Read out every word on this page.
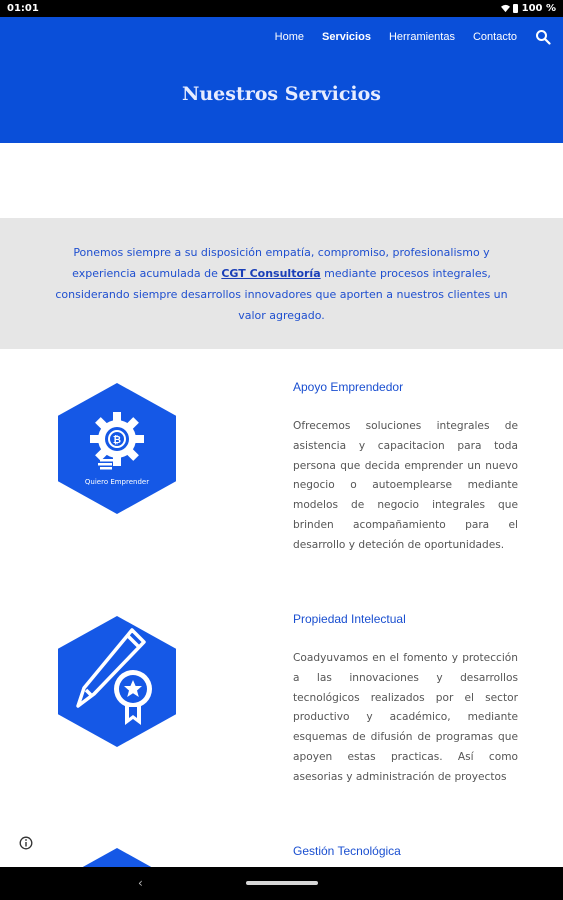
01:01	100 %
Home Servicios Herramientas Contacto
Nuestros Servicios

Ponemos siempre a su disposición empatía, compromiso, profesionalismo y experiencia acumulada de CGT Consultoría mediante procesos integrales, considerando siempre desarrollos innovadores que aporten a nuestros clientes un valor agregado.

₿
Quiero Emprender
Apoyo Emprendedor

Ofrecemos soluciones integrales de asistencia y capacitacion para toda persona que decida emprender un nuevo negocio o autoemplearse mediante modelos de negocio integrales que brinden acompañamiento para el desarrollo y deteción de oportunidades.

Propiedad Intelectual

Coadyuvamos en el fomento y protección a las innovaciones y desarrollos tecnológicos realizados por el sector productivo y académico, mediante esquemas de difusión de programas que apoyen estas practicas. Así como asesorias y administración de proyectos

Gestión Tecnológica
‹
